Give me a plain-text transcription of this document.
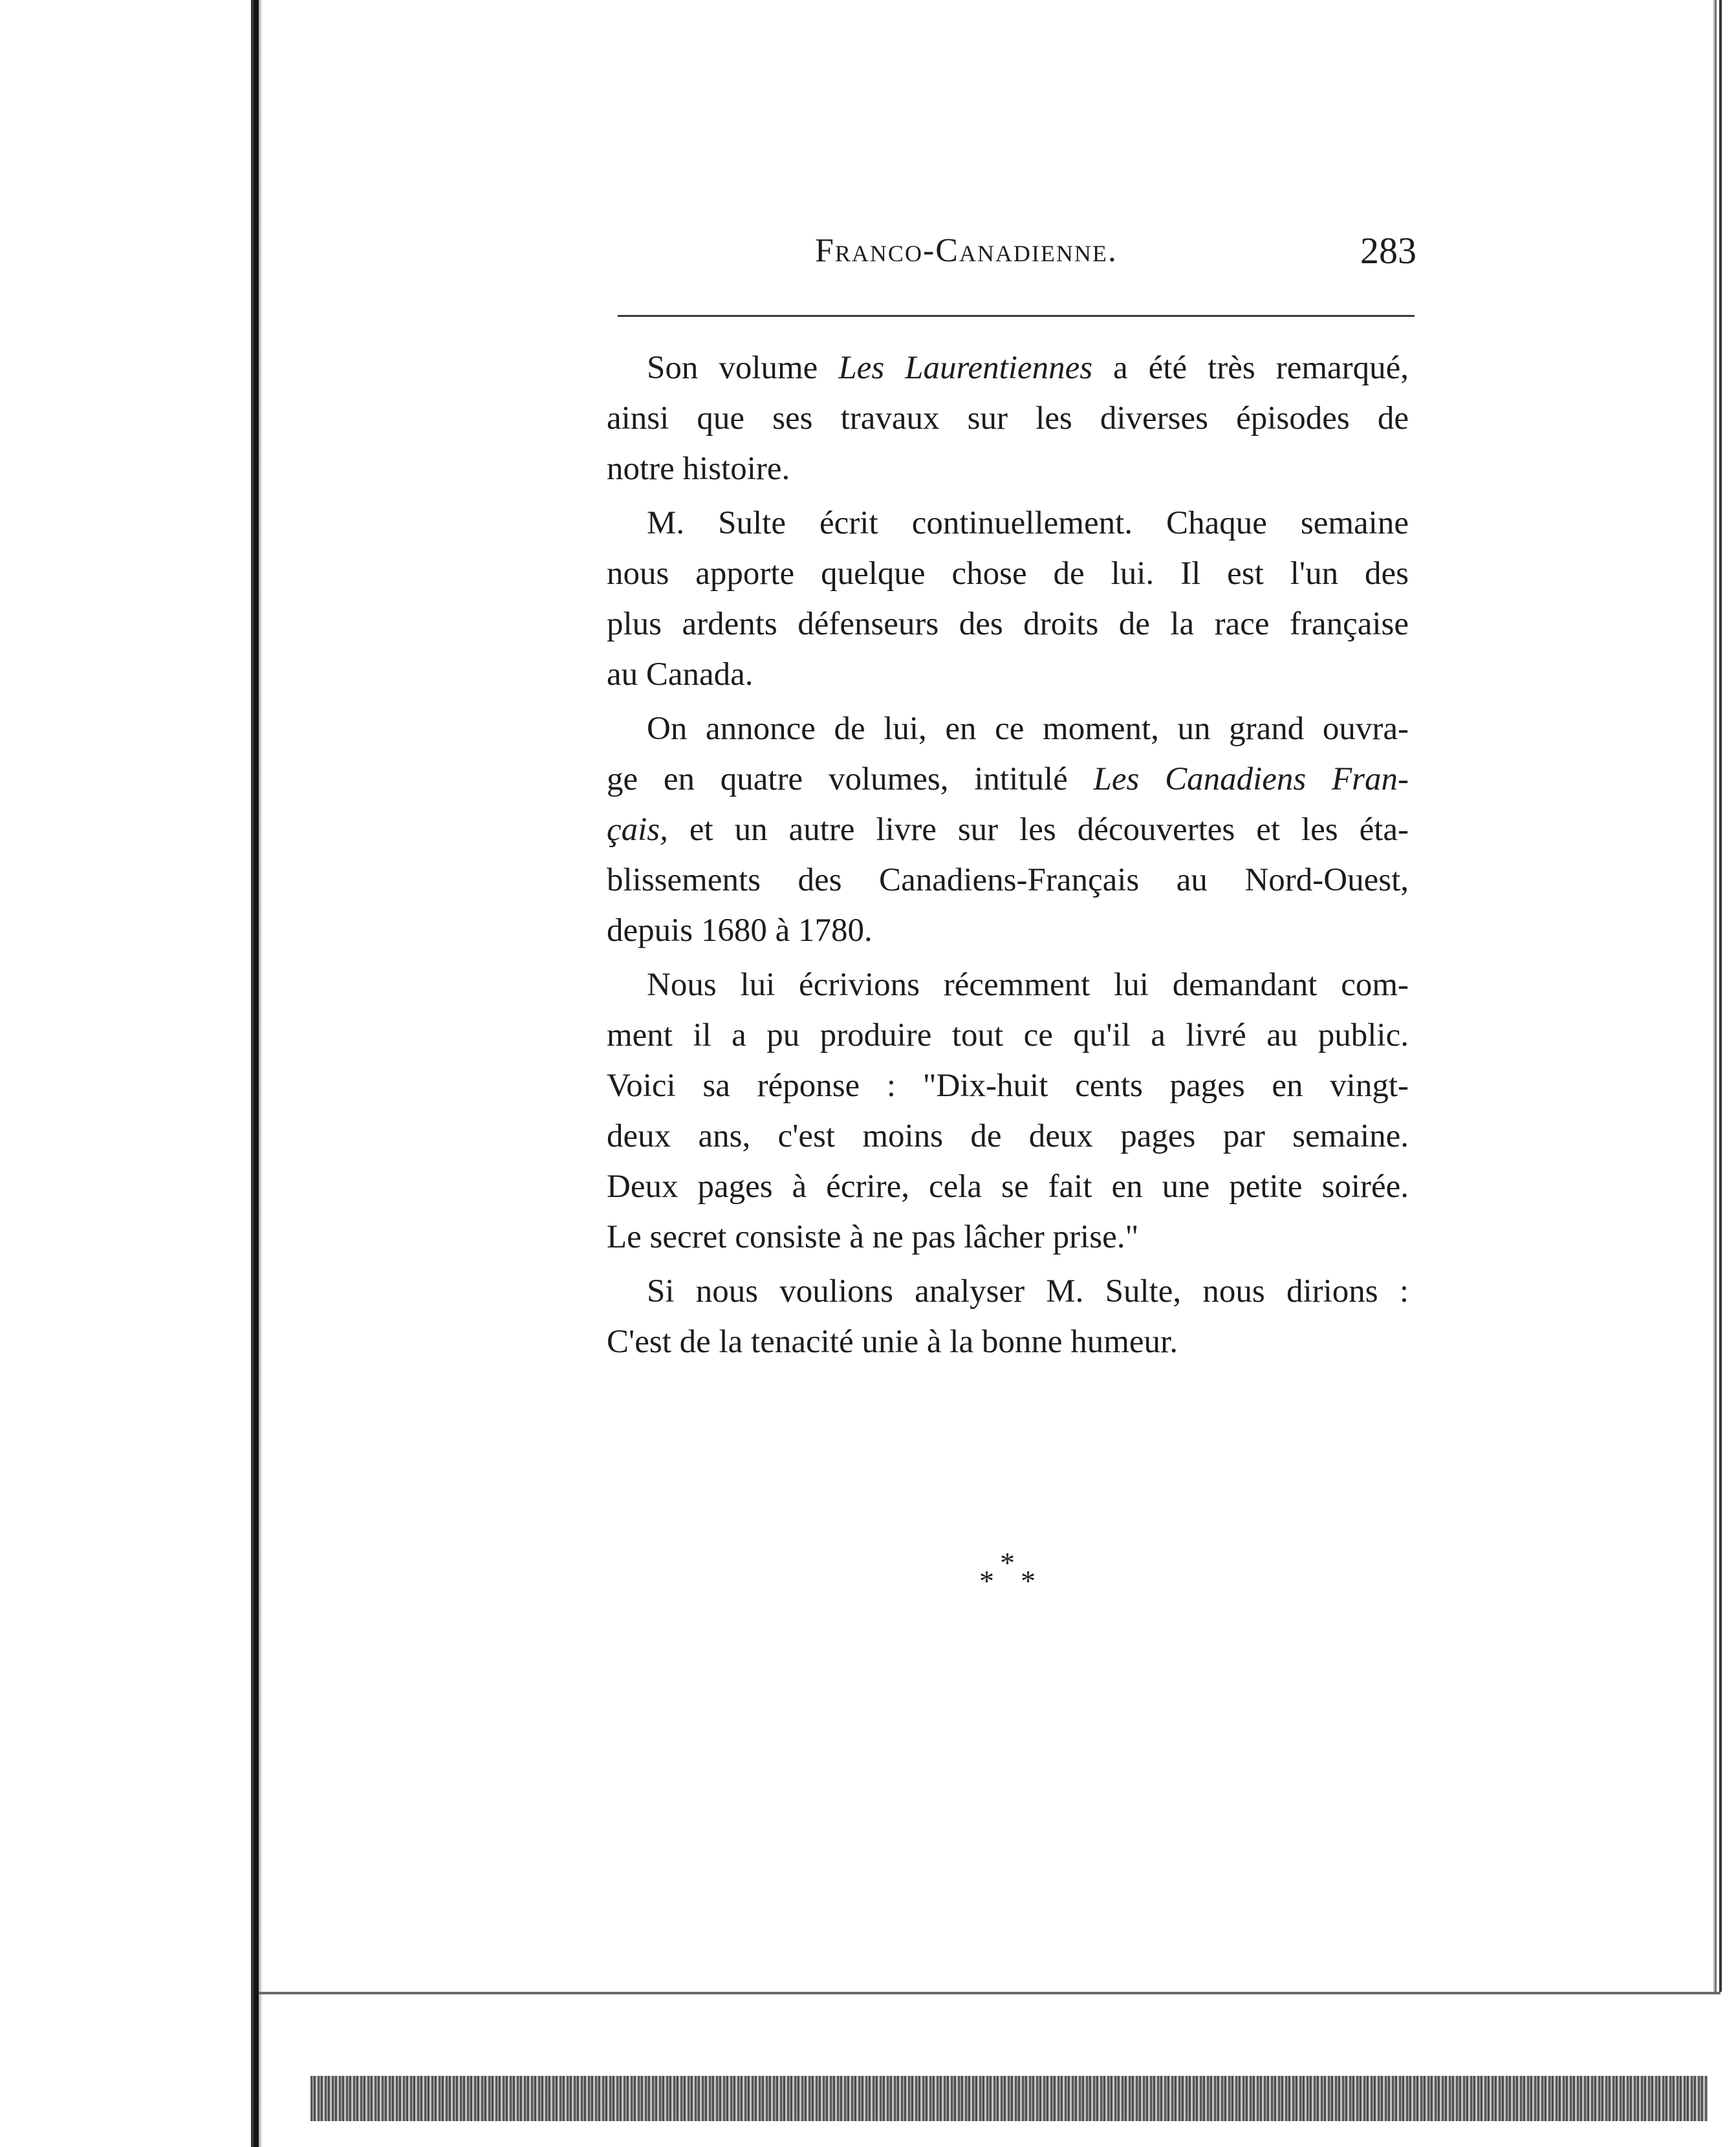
Franco-Canadienne.	283

Son volume Les Laurentiennes a été très remarqué,
ainsi que ses travaux sur les diverses épisodes de
notre histoire.

M. Sulte écrit continuellement. Chaque semaine
nous apporte quelque chose de lui. Il est l'un des
plus ardents défenseurs des droits de la race française
au Canada.

On annonce de lui, en ce moment, un grand ouvra-
ge en quatre volumes, intitulé Les Canadiens Fran-
çais, et un autre livre sur les découvertes et les éta-
blissements des Canadiens-Français au Nord-Ouest,
depuis 1680 à 1780.

Nous lui écrivions récemment lui demandant com-
ment il a pu produire tout ce qu'il a livré au public.
Voici sa réponse : "Dix-huit cents pages en vingt-
deux ans, c'est moins de deux pages par semaine.
Deux pages à écrire, cela se fait en une petite soirée.
Le secret consiste à ne pas lâcher prise."

Si nous voulions analyser M. Sulte, nous dirions :
C'est de la tenacité unie à la bonne humeur.

*
* *
